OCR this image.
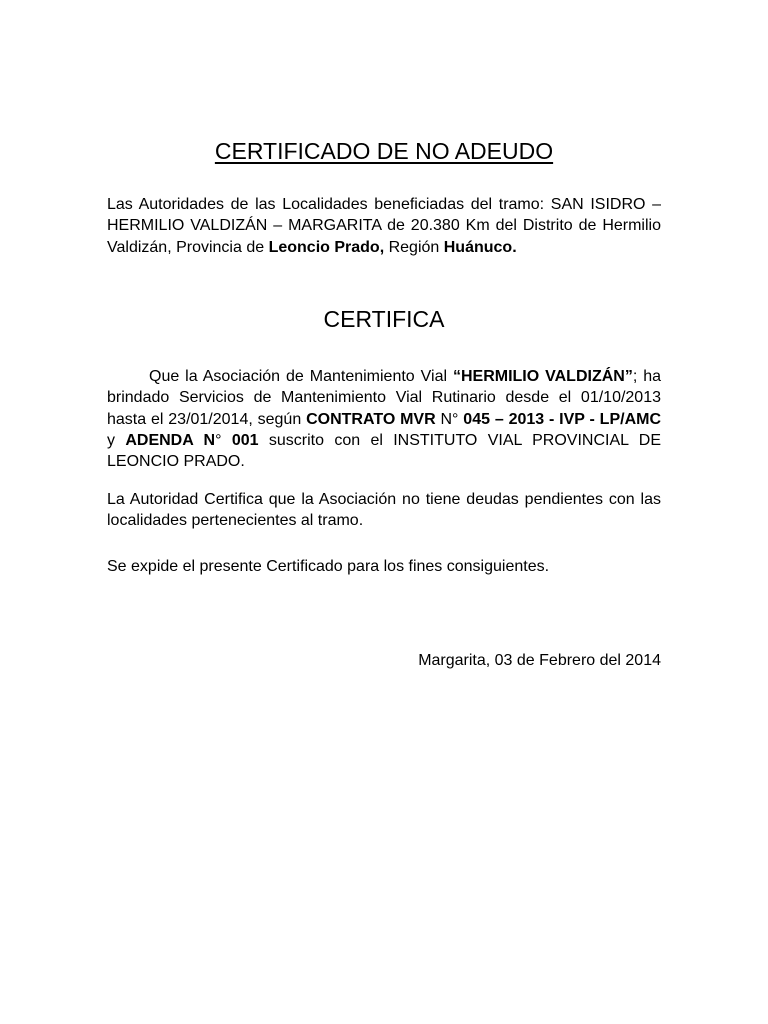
CERTIFICADO DE NO ADEUDO

Las Autoridades de las Localidades beneficiadas del tramo: SAN ISIDRO – HERMILIO VALDIZÁN – MARGARITA de 20.380 Km del Distrito de Hermilio Valdizán, Provincia de Leoncio Prado, Región Huánuco.

CERTIFICA

Que la Asociación de Mantenimiento Vial “HERMILIO VALDIZÁN”; ha brindado Servicios de Mantenimiento Vial Rutinario desde el 01/10/2013 hasta el 23/01/2014, según CONTRATO MVR N° 045 – 2013 - IVP - LP/AMC y ADENDA N° 001 suscrito con el INSTITUTO VIAL PROVINCIAL DE LEONCIO PRADO.

La Autoridad Certifica que la Asociación no tiene deudas pendientes con las localidades pertenecientes al tramo.

Se expide el presente Certificado para los fines consiguientes.

Margarita, 03 de Febrero del 2014
